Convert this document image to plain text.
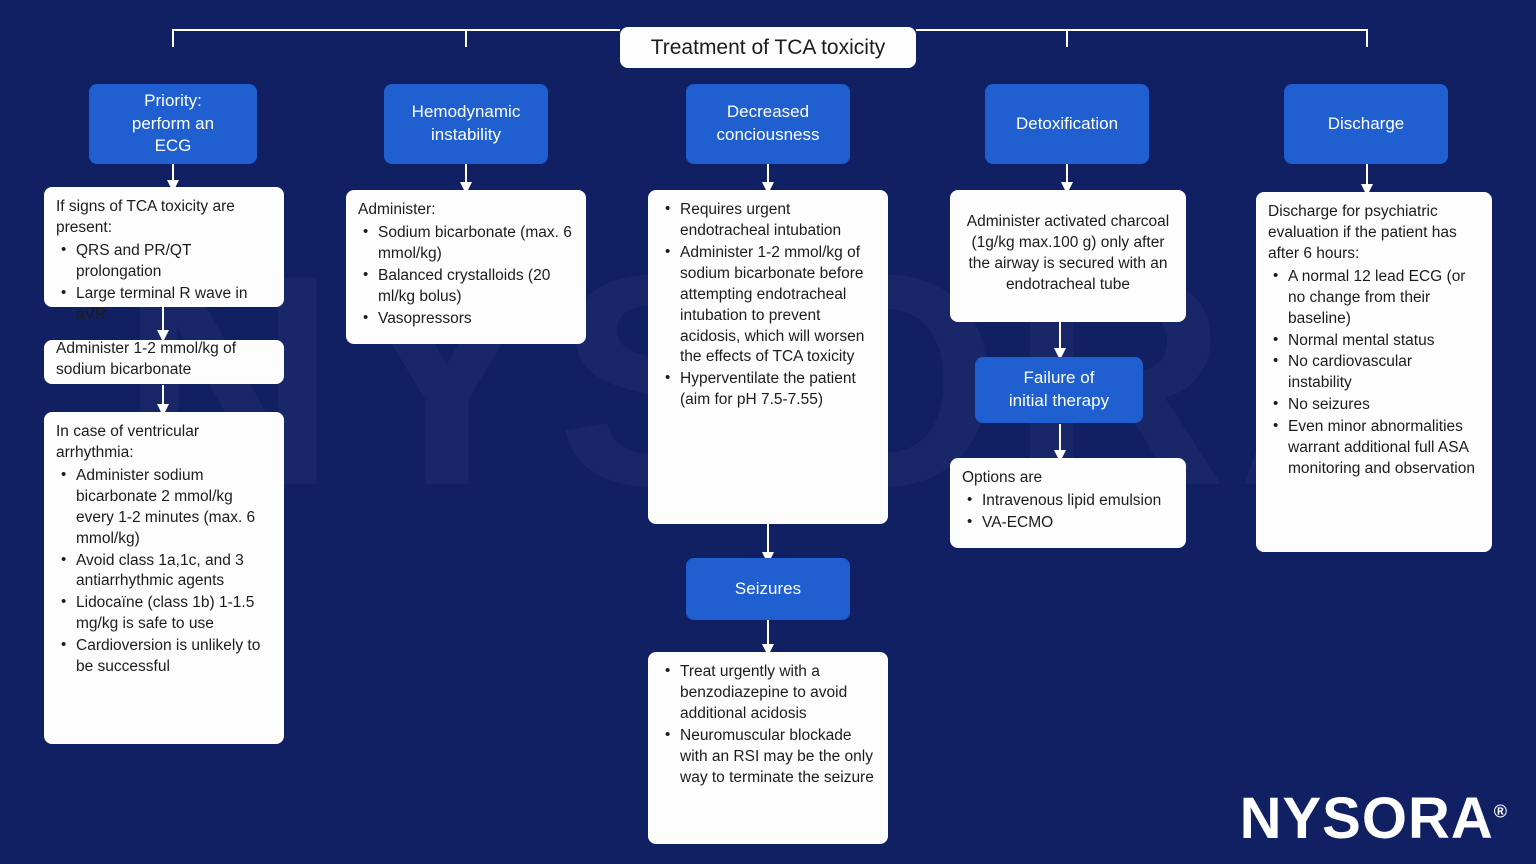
Treatment of TCA toxicity
Priority:
perform an
ECG

If signs of TCA toxicity are present:

• QRS and PR/QT prolongation
• Large terminal R wave in aVR

Administer 1-2 mmol/kg of sodium bicarbonate

In case of ventricular arrhythmia:

• Administer sodium bicarbonate 2 mmol/kg every 1-2 minutes (max. 6 mmol/kg)
• Avoid class 1a,1c, and 3 antiarrhythmic agents
• Lidocaïne (class 1b) 1-1.5 mg/kg is safe to use
• Cardioversion is unlikely to be successful
Hemodynamic
instability

Administer:

• Sodium bicarbonate (max. 6 mmol/kg)
• Balanced crystalloids (20 ml/kg bolus)
• Vasopressors
Decreased
conciousness
• Requires urgent endotracheal intubation
• Administer 1-2 mmol/kg of sodium bicarbonate before attempting endotracheal intubation to prevent acidosis, which will worsen the effects of TCA toxicity
• Hyperventilate the patient (aim for pH 7.5-7.55)
Seizures
• Treat urgently with a benzodiazepine to avoid additional acidosis
• Neuromuscular blockade with an RSI may be the only way to terminate the seizure
Detoxification

Administer activated charcoal (1g/kg max.100 g) only after the airway is secured with an endotracheal tube

Failure of
initial therapy

Options are

• Intravenous lipid emulsion
• VA-ECMO
Discharge

Discharge for psychiatric evaluation if the patient has after 6 hours:

• A normal 12 lead ECG (or no change from their baseline)
• Normal mental status
• No cardiovascular instability
• No seizures
• Even minor abnormalities warrant additional full ASA monitoring and observation
NYSORA®
